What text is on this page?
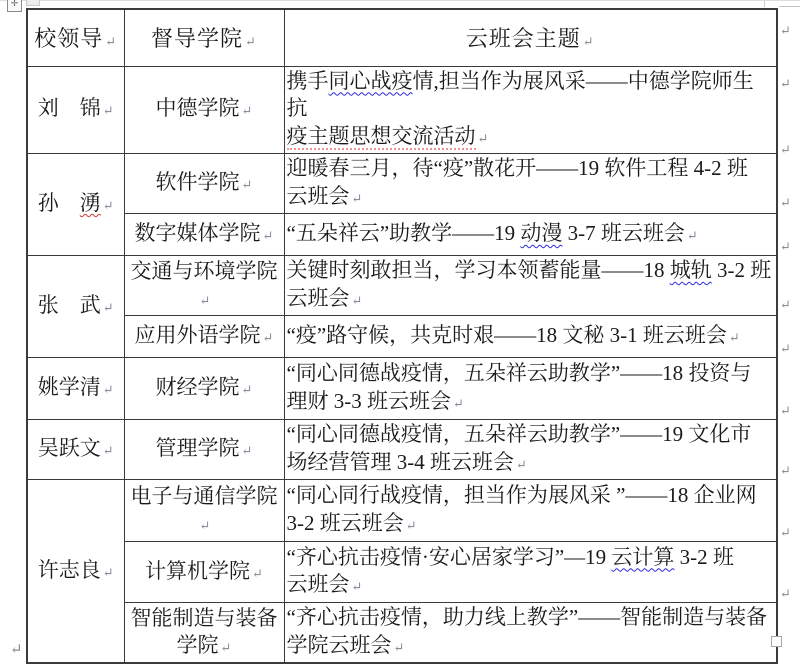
✛
校领导 ↵	督导学院 ↵	云班会主题 ↵
刘　锦 ↵	中德学院 ↵	携手同心战疫情,担当作为展风采——中德学院师生抗
疫主题思想交流活动 ↵
孙　湧 ↵	软件学院 ↵	迎暖春三月，待“疫”散花开——19 软件工程 4-2 班
云班会 ↵
	数字媒体学院 ↵	“五朵祥云”助教学——19 动漫 3-7 班云班会 ↵
张　武 ↵	交通与环境学院↵	关键时刻敢担当，学习本领蓄能量——18 城轨 3-2 班
云班会 ↵
	应用外语学院 ↵	“疫”路守候，共克时艰——18 文秘 3-1 班云班会 ↵
姚学清 ↵	财经学院 ↵	“同心同德战疫情，五朵祥云助教学”——18 投资与
理财 3-3 班云班会 ↵
吴跃文 ↵	管理学院 ↵	“同心同德战疫情，五朵祥云助教学”——19 文化市
场经营管理 3-4 班云班会 ↵
许志良 ↵	电子与通信学院↵	“同心同行战疫情，担当作为展风采 ”——18 企业网
3-2 班云班会 ↵
	计算机学院 ↵	“齐心抗击疫情·安心居家学习”—19 云计算 3-2 班
云班会 ↵
	智能制造与装备
学院 ↵	“齐心抗击疫情，助力线上教学”——智能制造与装备
学院云班会 ↵
↵
↵
↵
↵
↵
↵
↵
↵
↵
↵
↵
↵
